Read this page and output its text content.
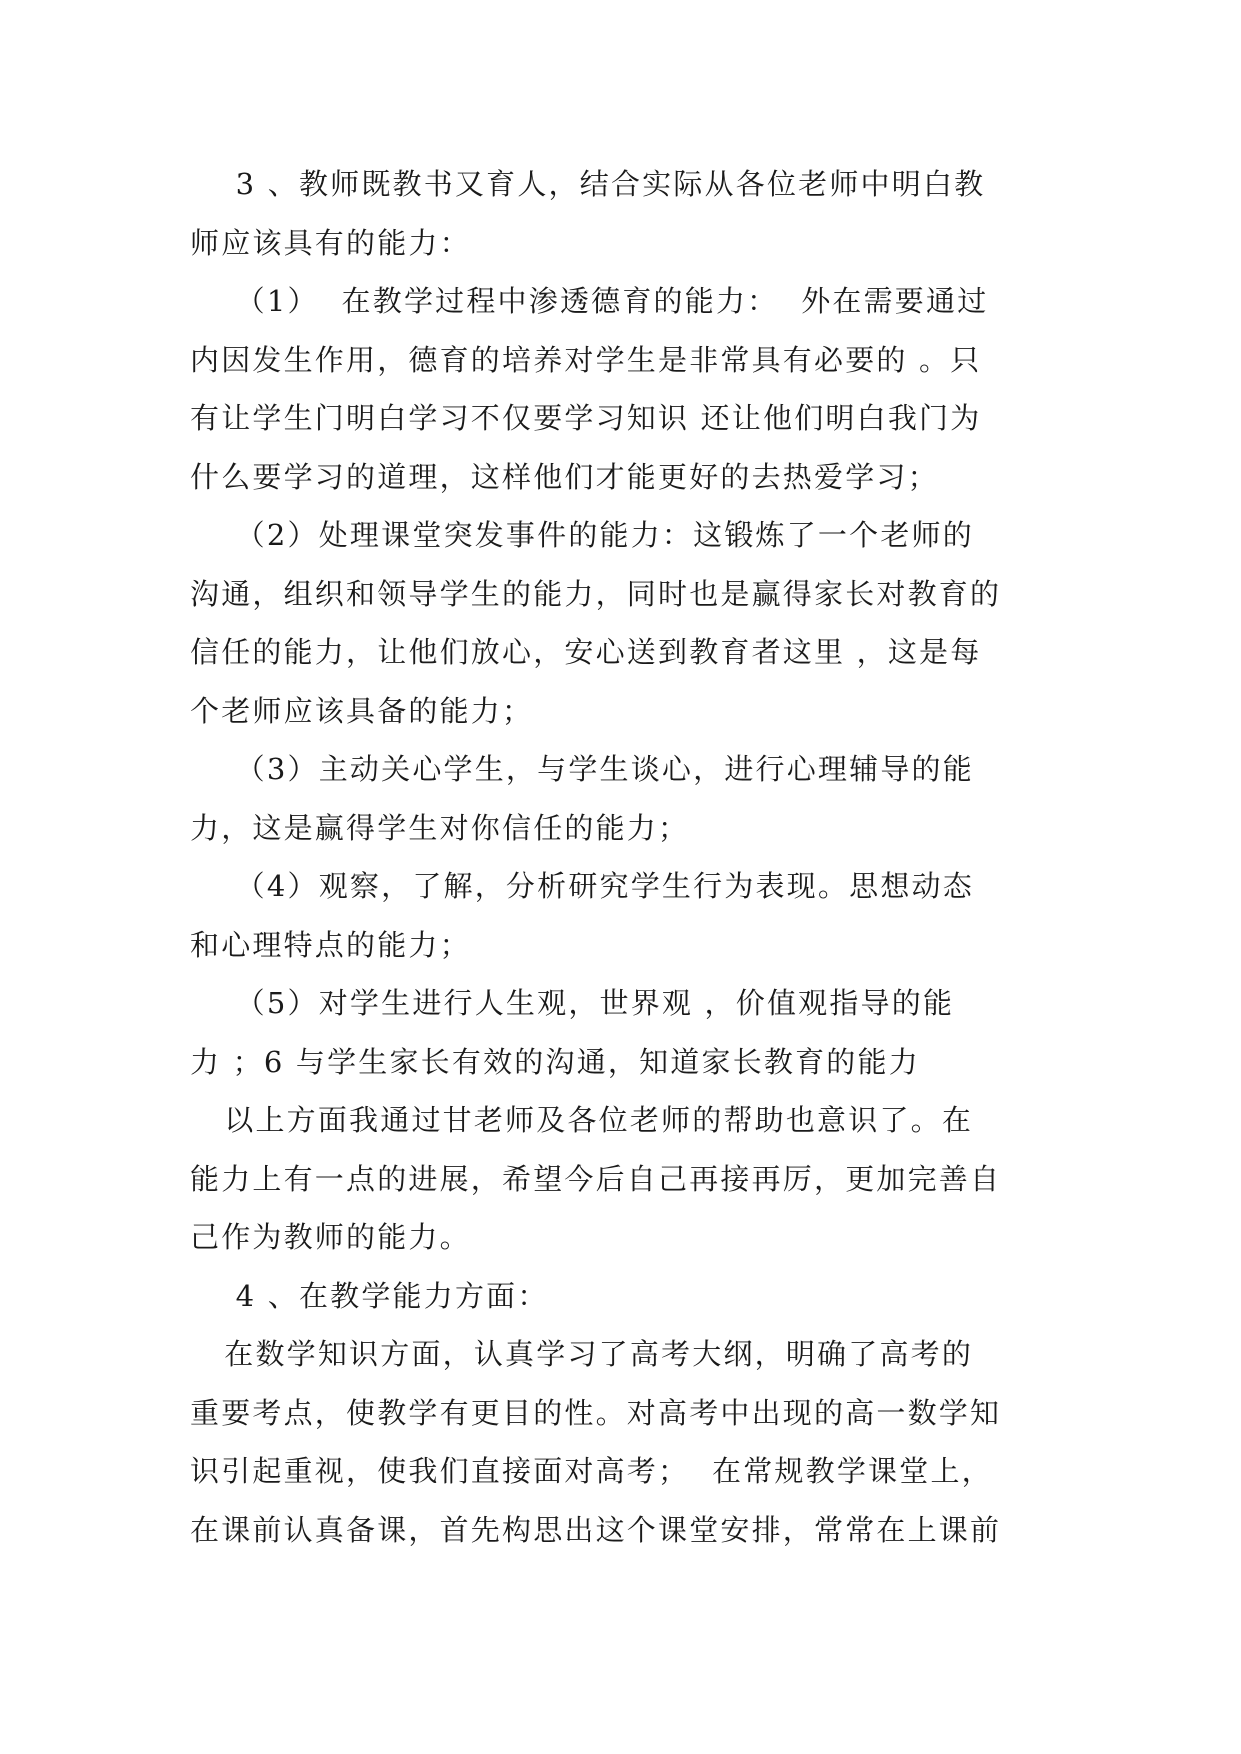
3 、教师既教书又育人，结合实际从各位老师中明白教
师应该具有的能力：
（1）  在教学过程中渗透德育的能力：  外在需要通过
内因发生作用，德育的培养对学生是非常具有必要的 。只
有让学生门明白学习不仅要学习知识 还让他们明白我门为
什么要学习的道理，这样他们才能更好的去热爱学习；
（2）处理课堂突发事件的能力：这锻炼了一个老师的
沟通，组织和领导学生的能力，同时也是赢得家长对教育的
信任的能力，让他们放心，安心送到教育者这里 ，这是每
个老师应该具备的能力；
（3）主动关心学生，与学生谈心，进行心理辅导的能
力，这是赢得学生对你信任的能力；
（4）观察，了解，分析研究学生行为表现。思想动态
和心理特点的能力；
（5）对学生进行人生观，世界观 ，价值观指导的能
力 ；6 与学生家长有效的沟通，知道家长教育的能力
以上方面我通过甘老师及各位老师的帮助也意识了。在
能力上有一点的进展，希望今后自己再接再厉，更加完善自
己作为教师的能力。
4 、在教学能力方面：
在数学知识方面，认真学习了高考大纲，明确了高考的
重要考点，使教学有更目的性。对高考中出现的高一数学知
识引起重视，使我们直接面对高考；  在常规教学课堂上，
在课前认真备课，首先构思出这个课堂安排，常常在上课前
